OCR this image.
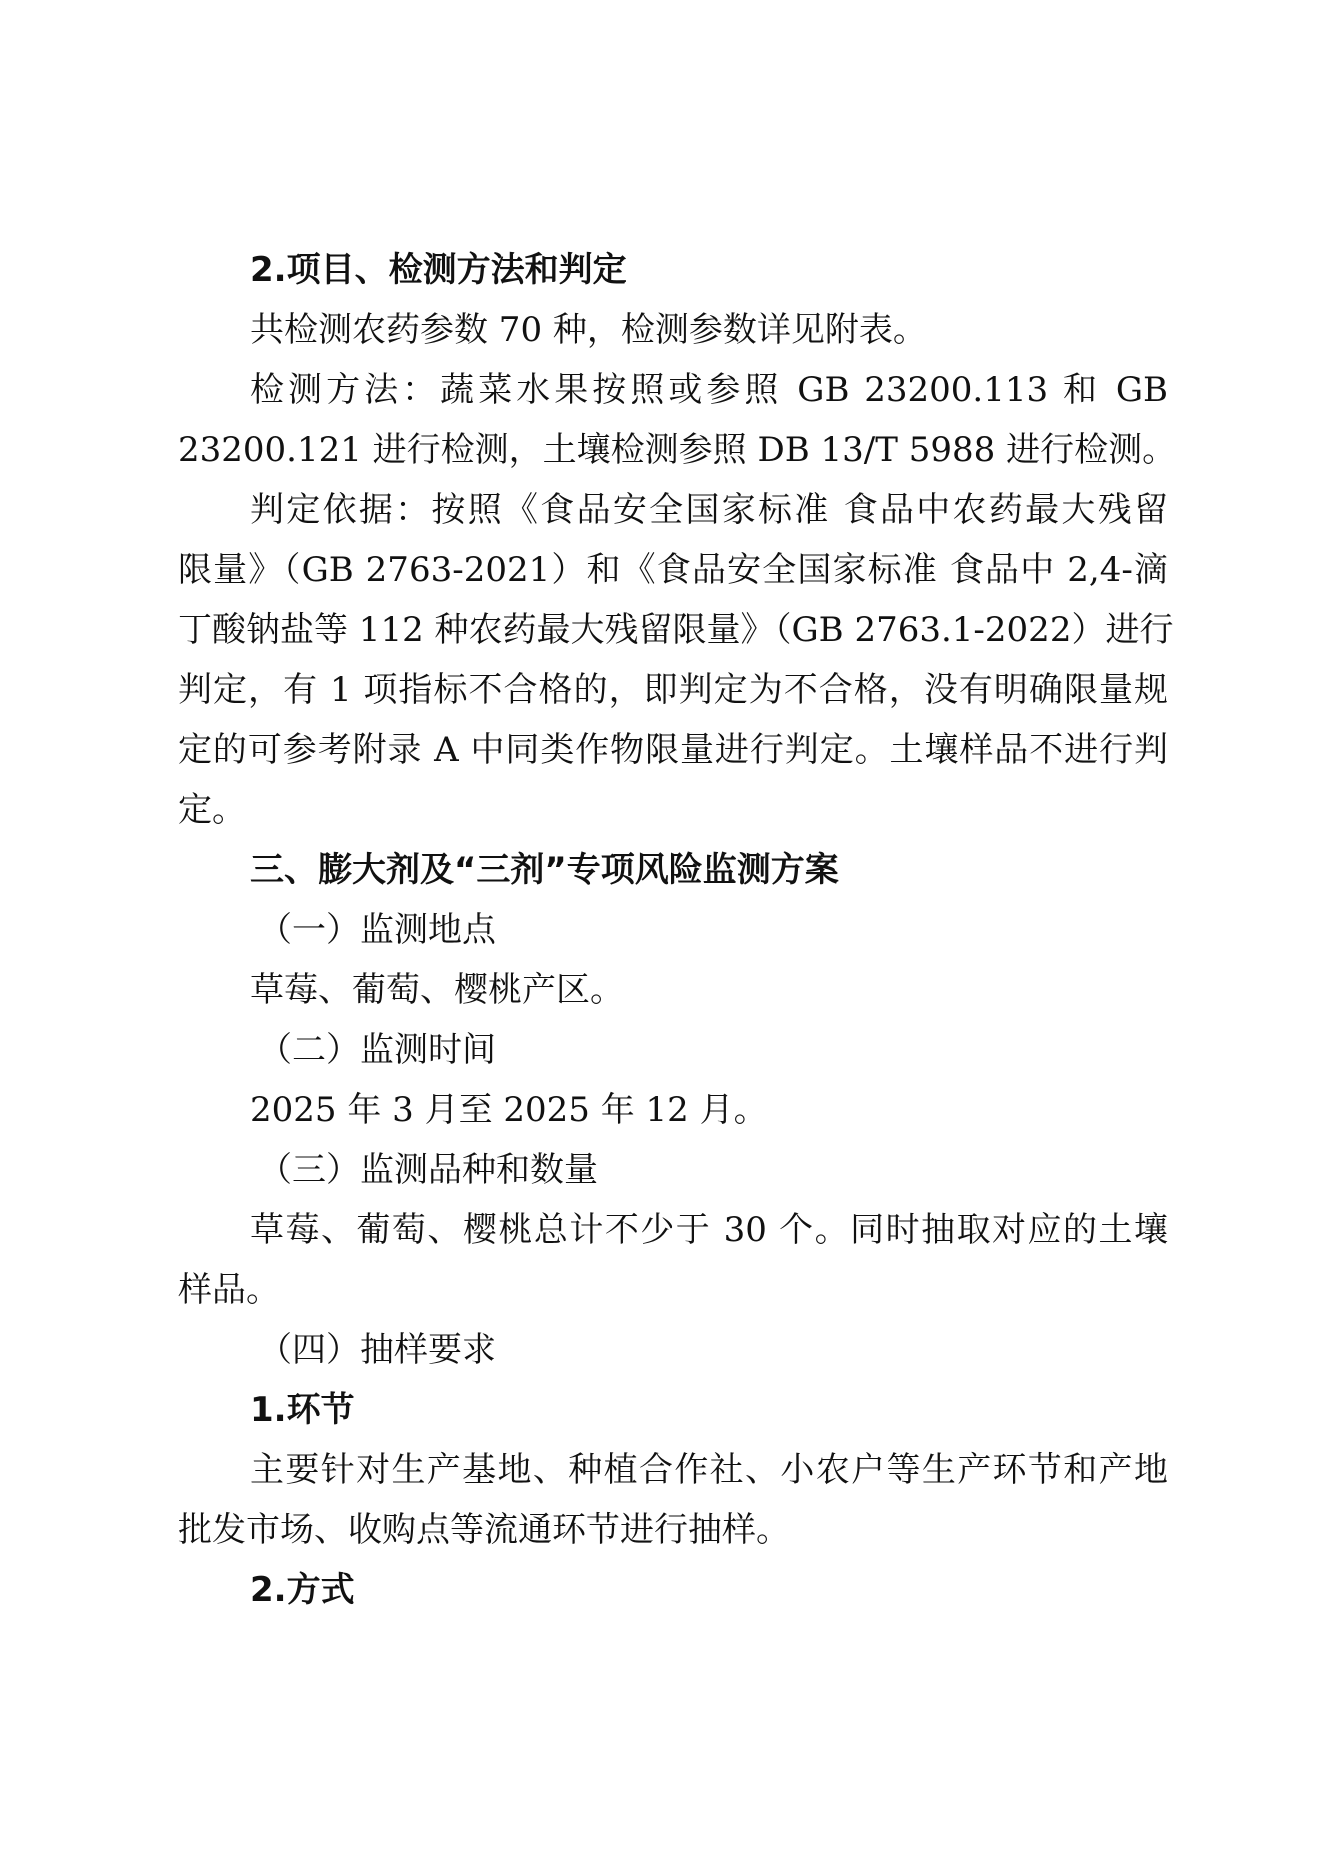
2.项目、检测方法和判定

共检测农药参数 70 种，检测参数详见附表。

检测方法：蔬菜水果按照或参照 GB 23200.113 和 GB

23200.121 进行检测，土壤检测参照 DB 13/T 5988 进行检测。

判定依据：按照《食品安全国家标准 食品中农药最大残留

限量》（GB 2763-2021）和《食品安全国家标准 食品中 2,4-滴

丁酸钠盐等 112 种农药最大残留限量》（GB 2763.1-2022）进行

判定，有 1 项指标不合格的，即判定为不合格，没有明确限量规

定的可参考附录 A 中同类作物限量进行判定。土壤样品不进行判

定。

三、膨大剂及“三剂”专项风险监测方案

（一）监测地点

草莓、葡萄、樱桃产区。

（二）监测时间

2025 年 3 月至 2025 年 12 月。

（三）监测品种和数量

草莓、葡萄、樱桃总计不少于 30 个。同时抽取对应的土壤

样品。

（四）抽样要求

1.环节

主要针对生产基地、种植合作社、小农户等生产环节和产地

批发市场、收购点等流通环节进行抽样。

2.方式
